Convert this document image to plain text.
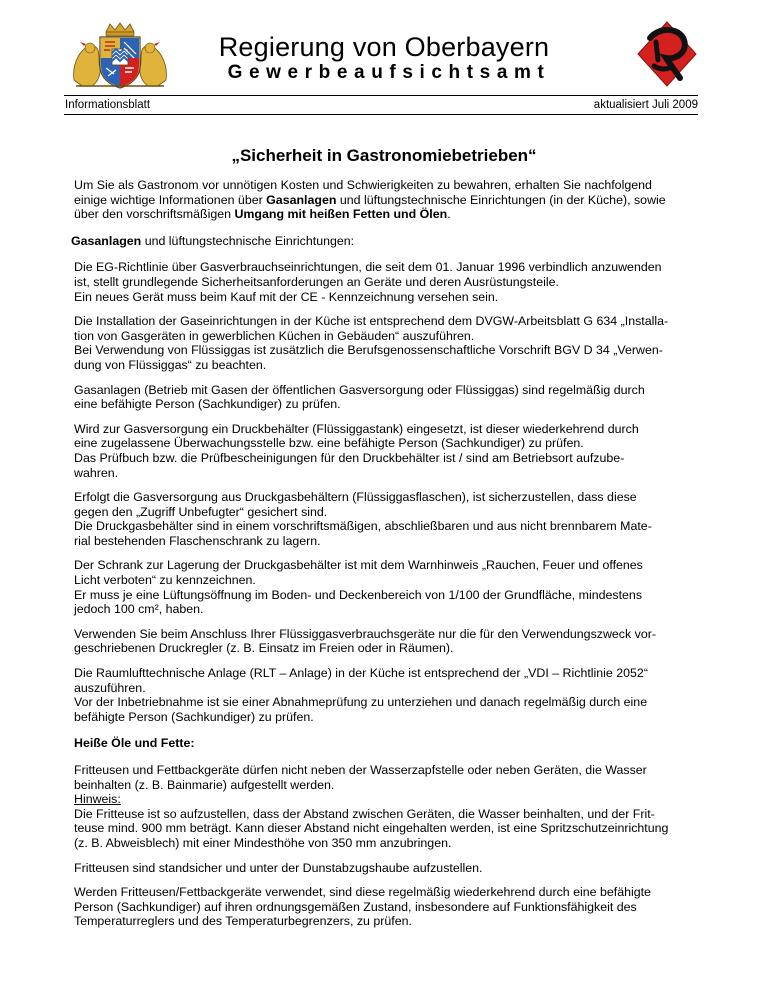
Regierung von Oberbayern
Gewerbeaufsichtsamt
Informationsblatt	aktualisiert Juli 2009
„Sicherheit in Gastronomiebetrieben“

Um Sie als Gastronom vor unnötigen Kosten und Schwierigkeiten zu bewahren, erhalten Sie nachfolgend
einige wichtige Informationen über Gasanlagen und lüftungstechnische Einrichtungen (in der Küche), sowie
über den vorschriftsmäßigen Umgang mit heißen Fetten und Ölen.

Gasanlagen und lüftungstechnische Einrichtungen:

Die EG-Richtlinie über Gasverbrauchseinrichtungen, die seit dem 01. Januar 1996 verbindlich anzuwenden
ist, stellt grundlegende Sicherheitsanforderungen an Geräte und deren Ausrüstungsteile.
Ein neues Gerät muss beim Kauf mit der CE - Kennzeichnung versehen sein.

Die Installation der Gaseinrichtungen in der Küche ist entsprechend dem DVGW-Arbeitsblatt G 634 „Installa-
tion von Gasgeräten in gewerblichen Küchen in Gebäuden“ auszuführen.
Bei Verwendung von Flüssiggas ist zusätzlich die Berufsgenossenschaftliche Vorschrift BGV D 34 „Verwen-
dung von Flüssiggas“ zu beachten.

Gasanlagen (Betrieb mit Gasen der öffentlichen Gasversorgung oder Flüssiggas) sind regelmäßig durch
eine befähigte Person (Sachkundiger) zu prüfen.

Wird zur Gasversorgung ein Druckbehälter (Flüssiggastank) eingesetzt, ist dieser wiederkehrend durch
eine zugelassene Überwachungsstelle bzw. eine befähigte Person (Sachkundiger) zu prüfen.
Das Prüfbuch bzw. die Prüfbescheinigungen für den Druckbehälter ist / sind am Betriebsort aufzube-
wahren.

Erfolgt die Gasversorgung aus Druckgasbehältern (Flüssiggasflaschen), ist sicherzustellen, dass diese
gegen den „Zugriff Unbefugter“ gesichert sind.
Die Druckgasbehälter sind in einem vorschriftsmäßigen, abschließbaren und aus nicht brennbarem Mate-
rial bestehenden Flaschenschrank zu lagern.

Der Schrank zur Lagerung der Druckgasbehälter ist mit dem Warnhinweis „Rauchen, Feuer und offenes
Licht verboten“ zu kennzeichnen.
Er muss je eine Lüftungsöffnung im Boden- und Deckenbereich von 1/100 der Grundfläche, mindestens
jedoch 100 cm², haben.

Verwenden Sie beim Anschluss Ihrer Flüssiggasverbrauchsgeräte nur die für den Verwendungszweck vor-
geschriebenen Druckregler (z. B. Einsatz im Freien oder in Räumen).

Die Raumlufttechnische Anlage (RLT – Anlage) in der Küche ist entsprechend der „VDI – Richtlinie 2052“
auszuführen.
Vor der Inbetriebnahme ist sie einer Abnahmeprüfung zu unterziehen und danach regelmäßig durch eine
befähigte Person (Sachkundiger) zu prüfen.

Heiße Öle und Fette:

Fritteusen und Fettbackgeräte dürfen nicht neben der Wasserzapfstelle oder neben Geräten, die Wasser
beinhalten (z. B. Bainmarie) aufgestellt werden.
Hinweis:
Die Fritteuse ist so aufzustellen, dass der Abstand zwischen Geräten, die Wasser beinhalten, und der Frit-
teuse mind. 900 mm beträgt. Kann dieser Abstand nicht eingehalten werden, ist eine Spritzschutzeinrichtung
(z. B. Abweisblech) mit einer Mindesthöhe von 350 mm anzubringen.

Fritteusen sind standsicher und unter der Dunstabzugshaube aufzustellen.

Werden Fritteusen/Fettbackgeräte verwendet, sind diese regelmäßig wiederkehrend durch eine befähigte
Person (Sachkundiger) auf ihren ordnungsgemäßen Zustand, insbesondere auf Funktionsfähigkeit des
Temperaturreglers und des Temperaturbegrenzers, zu prüfen.
